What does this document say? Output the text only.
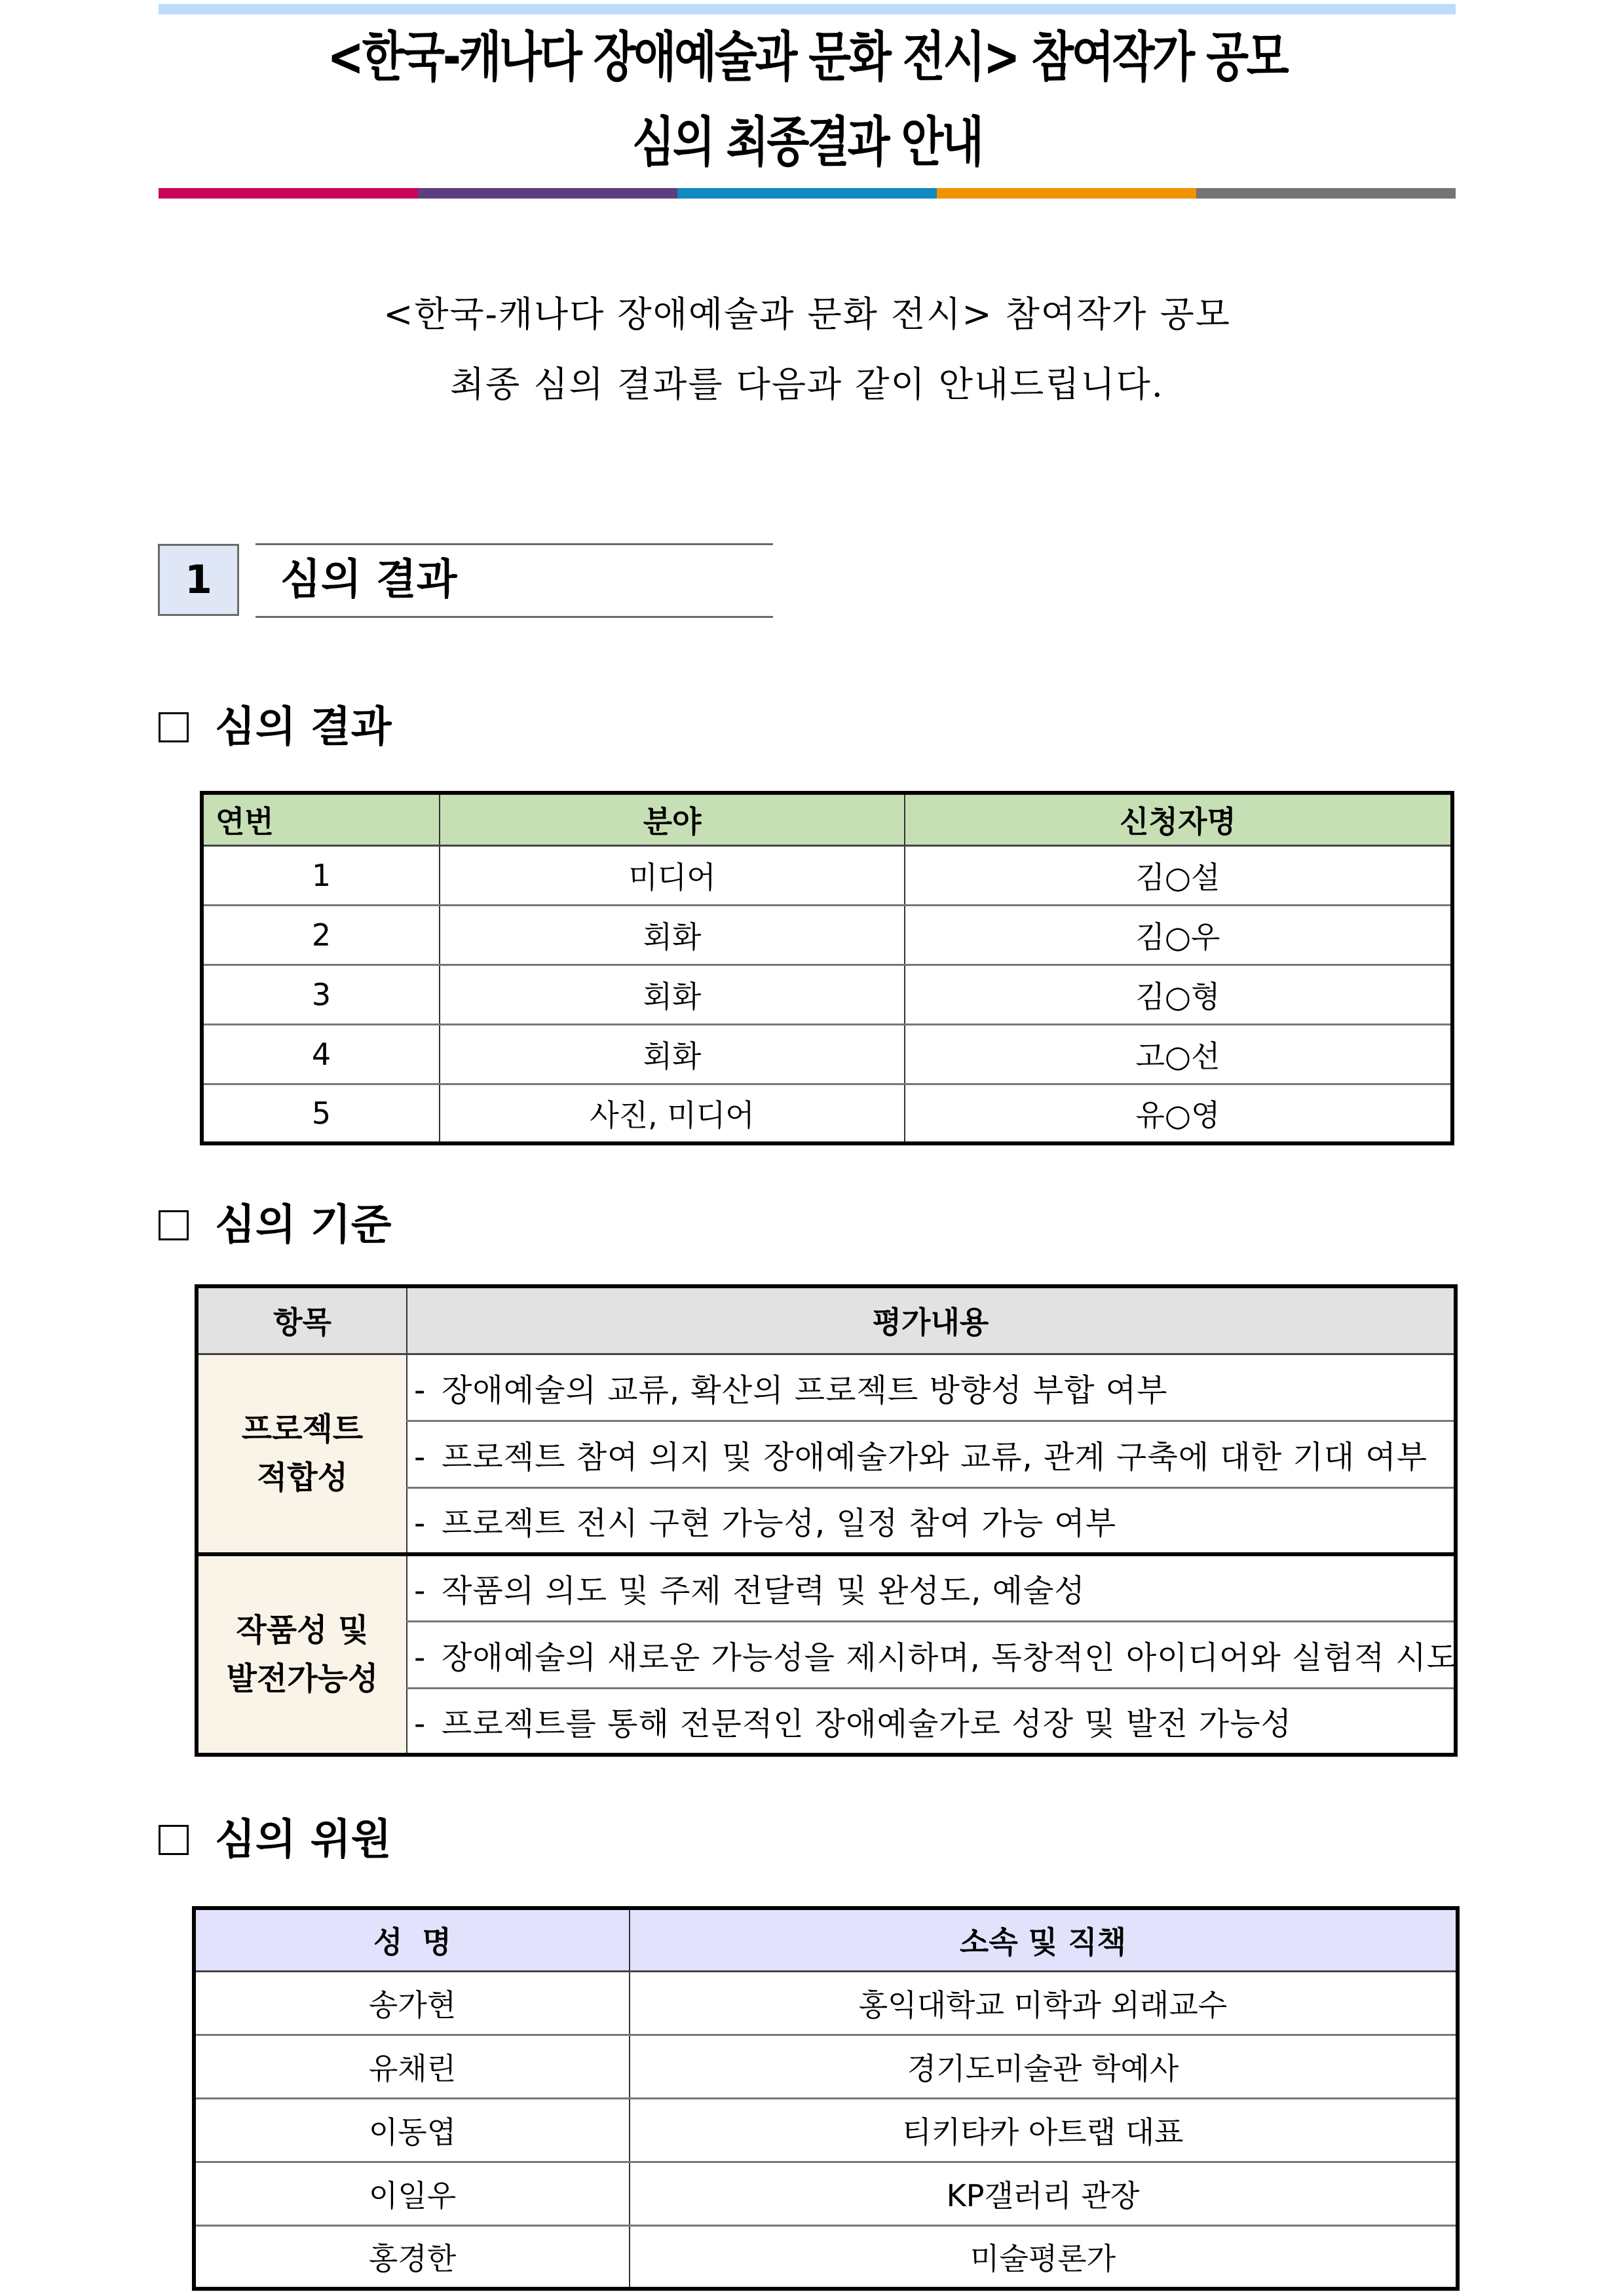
<한국-캐나다 장애예술과 문화 전시> 참여작가 공모
심의 최종결과 안내
<한국-캐나다 장애예술과 문화 전시> 참여작가 공모
최종 심의 결과를 다음과 같이 안내드립니다.
1	심의 결과
심의 결과
연번	분야	신청자명
1	미디어	김○설
2	회화	김○우
3	회화	김○형
4	회화	고○선
5	사진, 미디어	유○영
심의 기준
항목	평가내용

프로젝트
적합성	- 장애예술의 교류, 확산의 프로젝트 방향성 부합 여부
	- 프로젝트 참여 의지 및 장애예술가와 교류, 관계 구축에 대한 기대 여부
	- 프로젝트 전시 구현 가능성, 일정 참여 가능 여부

작품성 및
발전가능성	- 작품의 의도 및 주제 전달력 및 완성도, 예술성
	- 장애예술의 새로운 가능성을 제시하며, 독창적인 아이디어와 실험적 시도
	- 프로젝트를 통해 전문적인 장애예술가로 성장 및 발전 가능성
심의 위원
성 명	소속 및 직책
송가현	홍익대학교 미학과 외래교수
유채린	경기도미술관 학예사
이동엽	티키타카 아트랩 대표
이일우	KP갤러리 관장
홍경한	미술평론가
